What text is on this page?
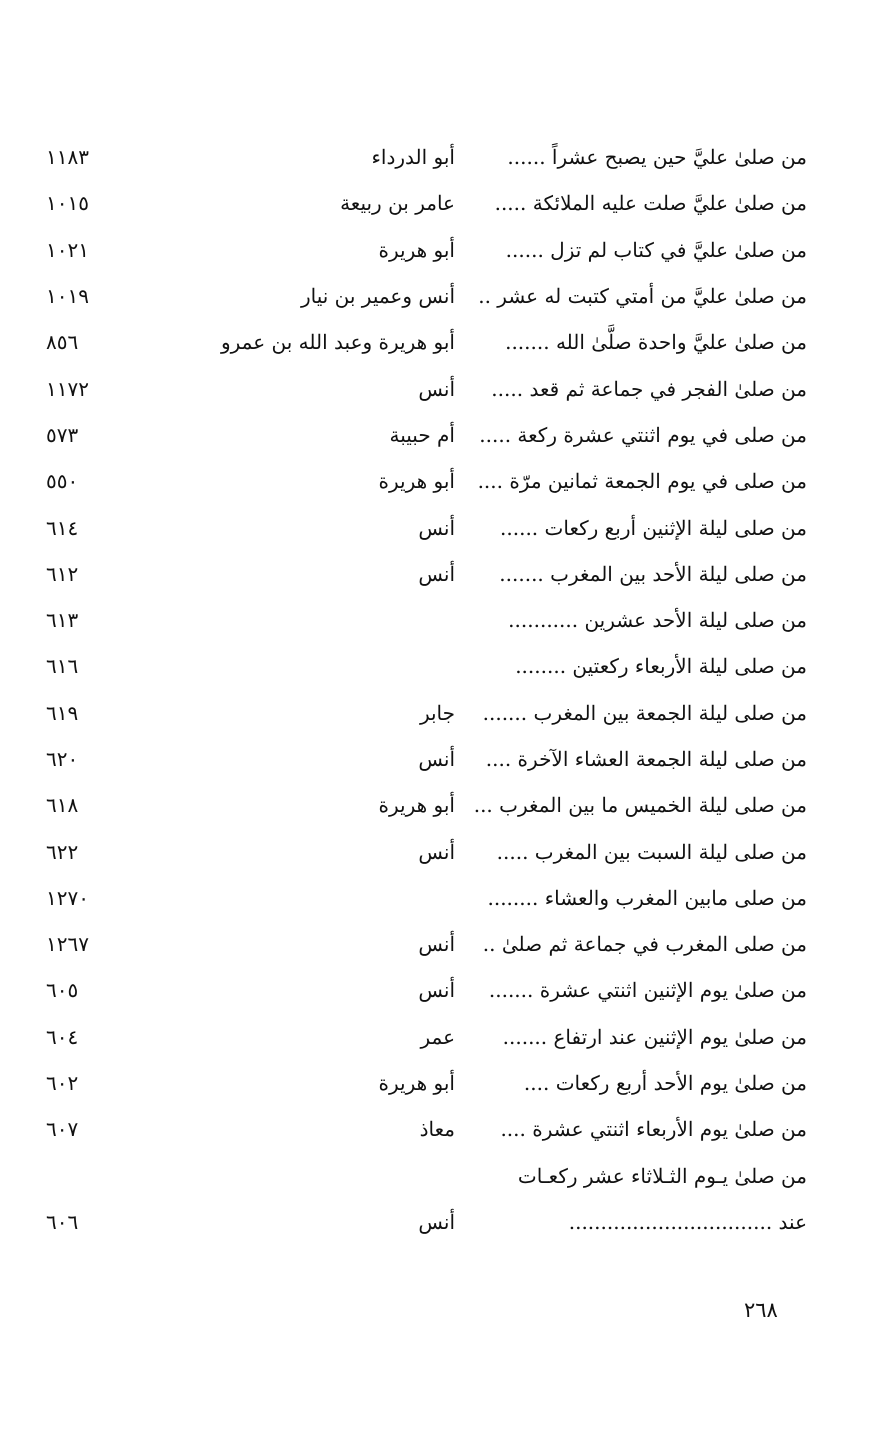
من صلىٰ عليَّ حين يصبح عشراً ......
أبو الدرداء
١١٨٣
من صلىٰ عليَّ صلت عليه الملائكة .....
عامر بن ربيعة
١٠١٥
من صلىٰ عليَّ في كتاب لم تزل ......
أبو هريرة
١٠٢١
من صلىٰ عليَّ من أمتي كتبت له عشر ..
أنس وعمير بن نيار
١٠١٩
من صلىٰ عليَّ واحدة صلَّىٰ الله .......
أبو هريرة وعبد الله بن عمرو
٨٥٦
من صلىٰ الفجر في جماعة ثم قعد .....
أنس
١١٧٢
من صلى في يوم اثنتي عشرة ركعة .....
أم حبيبة
٥٧٣
من صلى في يوم الجمعة ثمانين مرّة ....
أبو هريرة
٥٥٠
من صلى ليلة الإثنين أربع ركعات ......
أنس
٦١٤
من صلى ليلة الأحد بين المغرب .......
أنس
٦١٢
من صلى ليلة الأحد عشرين ...........
٦١٣
من صلى ليلة الأربعاء ركعتين ........
٦١٦
من صلى ليلة الجمعة بين المغرب .......
جابر
٦١٩
من صلى ليلة الجمعة العشاء الآخرة ....
أنس
٦٢٠
من صلى ليلة الخميس ما بين المغرب ...
أبو هريرة
٦١٨
من صلى ليلة السبت بين المغرب .....
أنس
٦٢٢
من صلى مابين المغرب والعشاء ........
١٢٧٠
من صلى المغرب في جماعة ثم صلىٰ ..
أنس
١٢٦٧
من صلىٰ يوم الإثنين اثنتي عشرة .......
أنس
٦٠٥
من صلىٰ يوم الإثنين عند ارتفاع .......
عمر
٦٠٤
من صلىٰ يوم الأحد أربع ركعات ....
أبو هريرة
٦٠٢
من صلىٰ يوم الأربعاء اثنتي عشرة ....
معاذ
٦٠٧
من صلىٰ يـوم الثـلاثاء عشر ركعـات
عند ................................
أنس
٦٠٦
٢٦٨
